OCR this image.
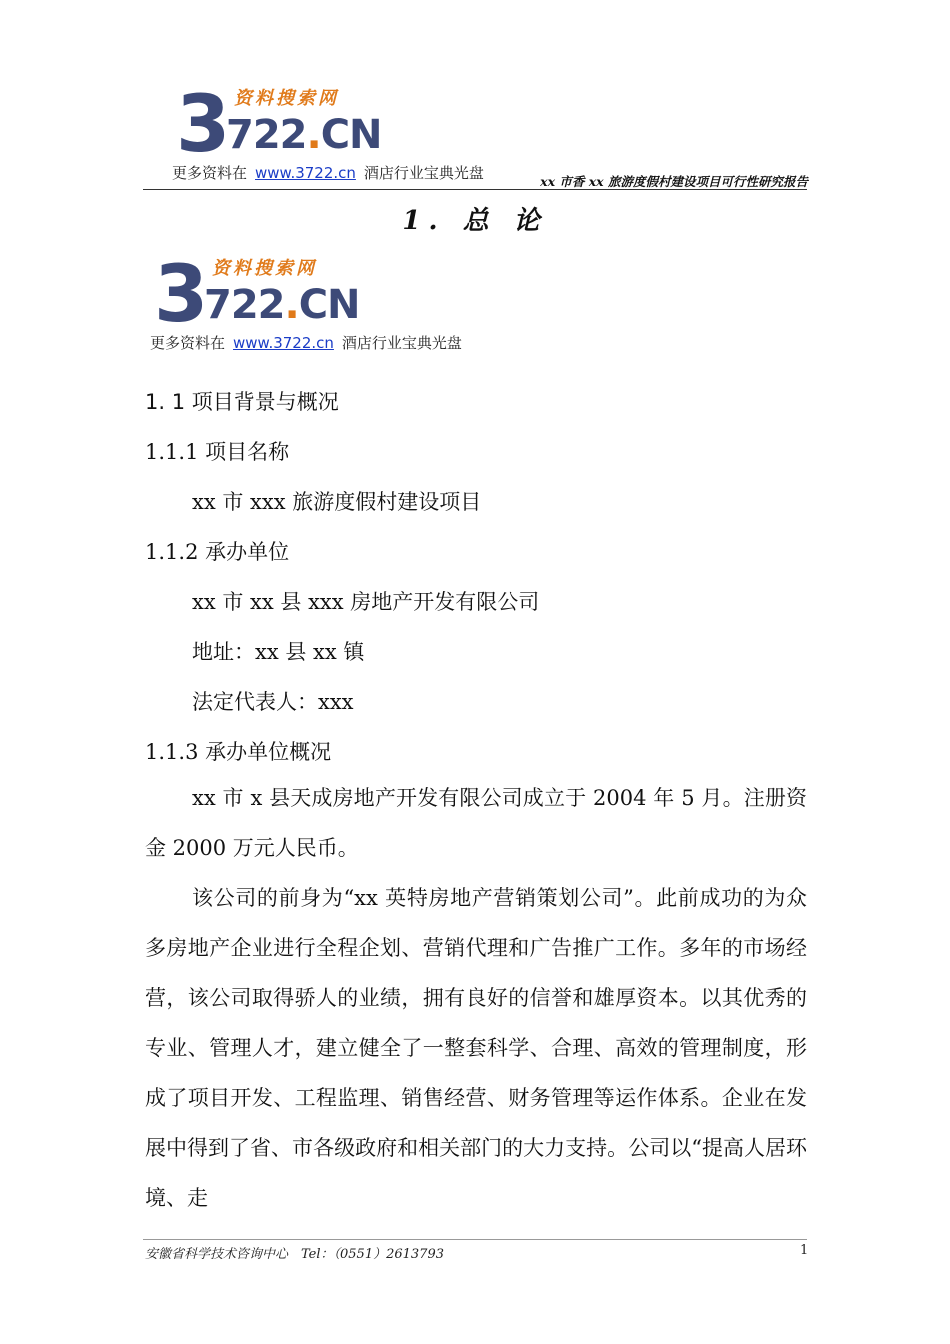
3 资料搜索网
722.CN
更多资料在 www.3722.cn 酒店行业宝典光盘	xx 市香 xx 旅游度假村建设项目可行性研究报告
1. 总 论
3 资料搜索网
722.CN
更多资料在 www.3722.cn 酒店行业宝典光盘
1. 1 项目背景与概况
1.1.1 项目名称
xx 市 xxx 旅游度假村建设项目
1.1.2 承办单位
xx 市 xx 县 xxx 房地产开发有限公司
地址：xx 县 xx 镇
法定代表人：xxx
1.1.3 承办单位概况

xx 市 x 县天成房地产开发有限公司成立于 2004 年 5 月。注册资金 2000 万元人民币。

该公司的前身为“xx 英特房地产营销策划公司”。此前成功的为众多房地产企业进行全程企划、营销代理和广告推广工作。多年的市场经营，该公司取得骄人的业绩，拥有良好的信誉和雄厚资本。以其优秀的专业、管理人才，建立健全了一整套科学、合理、高效的管理制度，形成了项目开发、工程监理、销售经营、财务管理等运作体系。企业在发展中得到了省、市各级政府和相关部门的大力支持。公司以“提高人居环境、走

安徽省科学技术咨询中心　Tel：（0551）2613793	1
